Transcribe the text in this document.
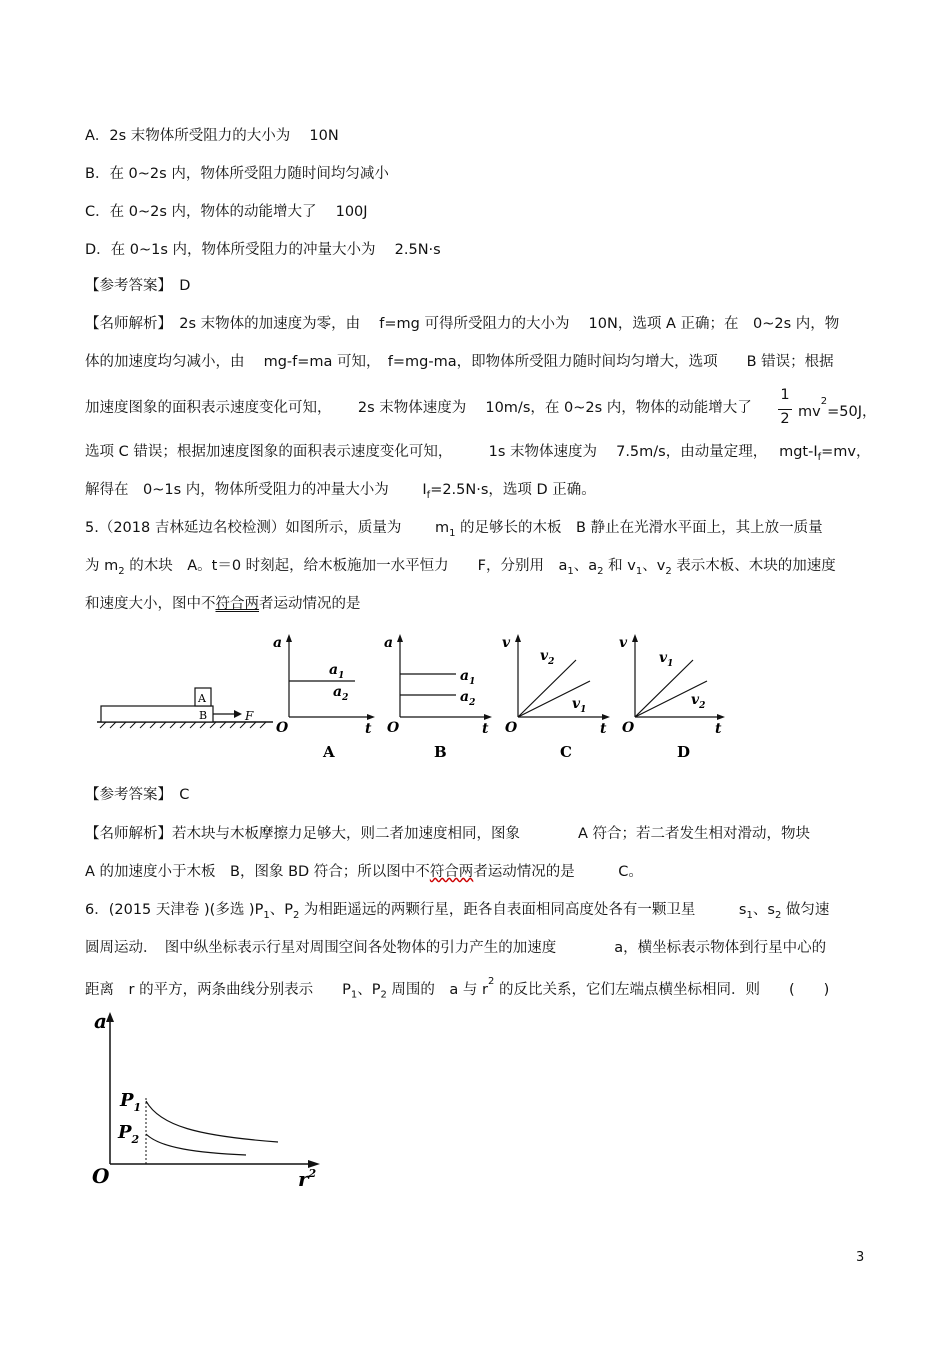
A．2s 末物体所受阻力的大小为　 10N
B．在 0~2s 内，物体所受阻力随时间均匀减小
C．在 0~2s 内，物体的动能增大了　 100J
D．在 0~1s 内，物体所受阻力的冲量大小为　 2.5N·s
【参考答案】　D
【名师解析】　2s 末物体的加速度为零，由　 f=mg 可得所受阻力的大小为　 10N，选项 A 正确；在　0~2s 内，物
体的加速度均匀减小，由　 mg-f=ma 可知，　f=mg-ma，即物体所受阻力随时间均匀增大，选项　　B 错误；根据
加速度图象的面积表示速度变化可知，　　 2s 末物体速度为　 10m/s，在 0~2s 内，物体的动能增大了
1
2 $mv^2=50J$，
选项 C 错误；根据加速度图象的面积表示速度变化可知，　　　1s 末物体速度为　 7.5m/s，由动量定理，　 mgt-$I_f=mv$，
解得在　0~1s 内，物体所受阻力的冲量大小为　　 $I_f=2.5N\cdot s$，选项 D 正确。
5.（2018 吉林延边名校检测）如图所示，质量为　　 $m_1$ 的足够长的木板　B 静止在光滑水平面上，其上放一质量
为 $m_2$ 的木块　A。t＝0 时刻起，给木板施加一水平恒力　　F，分别用　$a_1$、$a_2$ 和 $v_1$、$v_2$ 表示木板、木块的加速度
和速度大小，图中不符合两者运动情况的是
A
B	F
a
t
O
$a_1$
$a_2$
A
a
t
O
$a_1$
$a_2$
B
v
t
O
$v_2$
$v_1$
C
v
t
O
$v_1$
$v_2$
D
【参考答案】　C
【名师解析】若木块与木板摩擦力足够大，则二者加速度相同，图象　　　　A 符合；若二者发生相对滑动，物块
A 的加速度小于木板　B，图象 BD 符合；所以图中不符合两者运动情况的是　　　C。
6．(2015 天津卷 )(多选 )$P_1$、$P_2$ 为相距遥远的两颗行星，距各自表面相同高度处各有一颗卫星　　　$s_1$、$s_2$ 做匀速
圆周运动．　图中纵坐标表示行星对周围空间各处物体的引力产生的加速度　　　　a，横坐标表示物体到行星中心的
距离　r 的平方，两条曲线分别表示　　$P_1$、$P_2$ 周围的　a 与 $r^2$ 的反比关系，它们左端点横坐标相同．则　　(　　)
a
$r^2$
O
$P_1$
$P_2$
3
